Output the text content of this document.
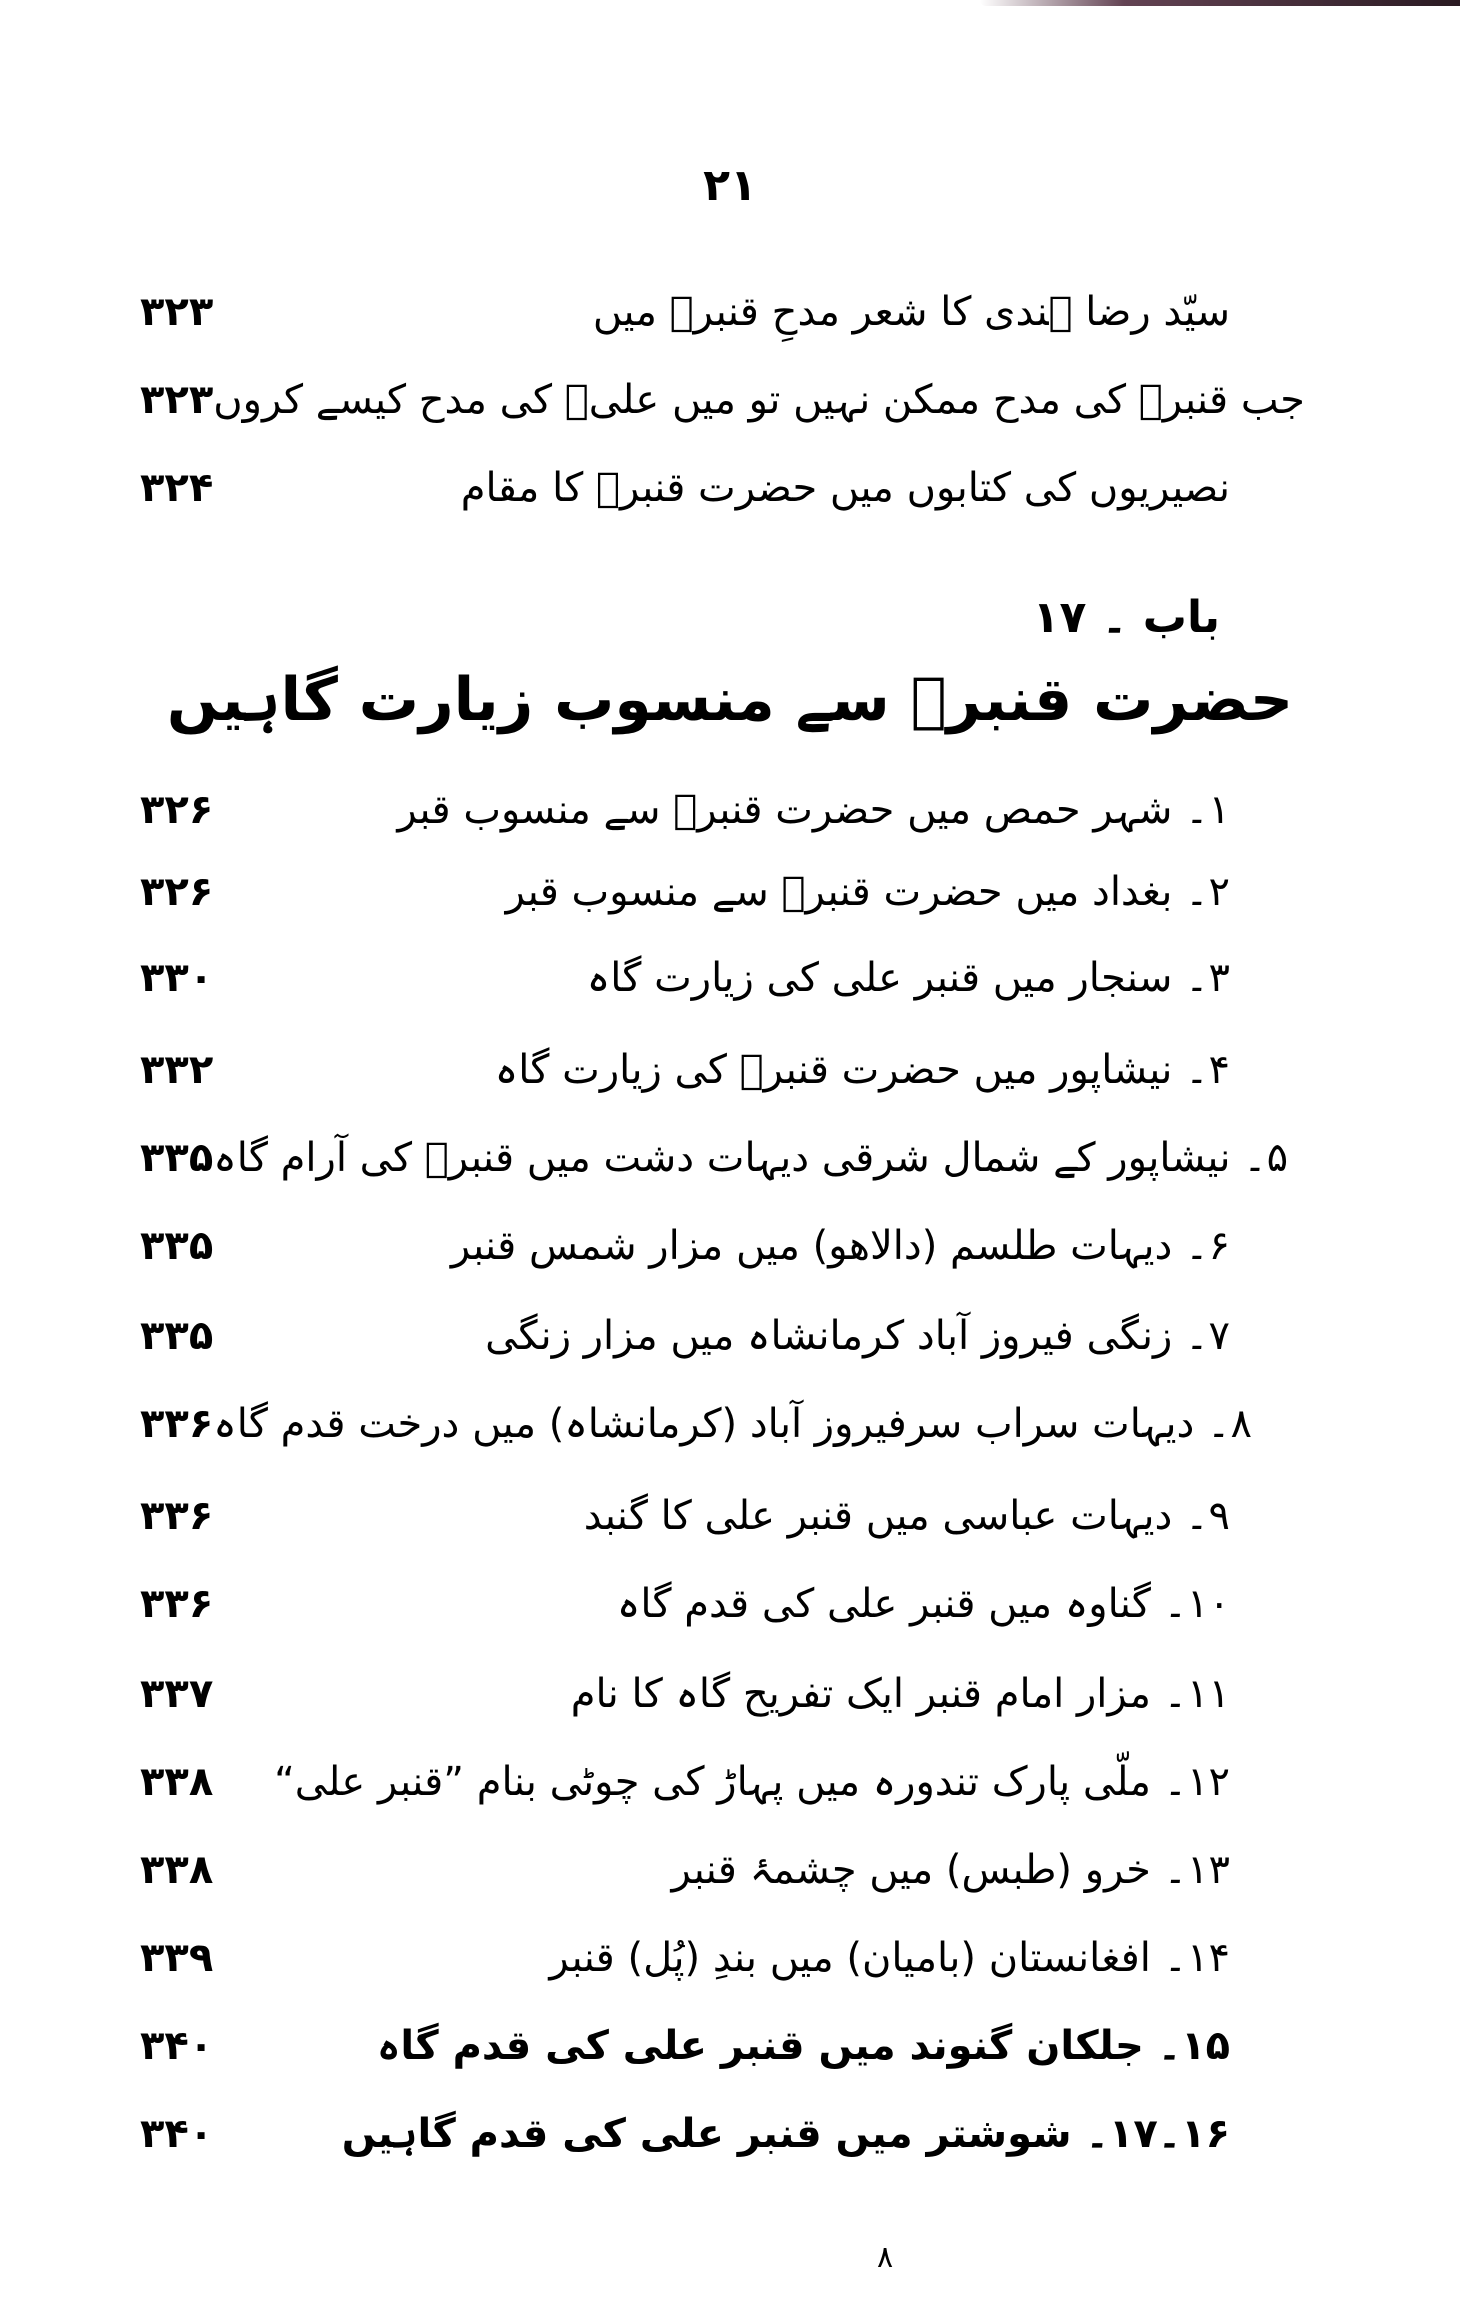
۲۱
۳۲۳	سیّد رضا ہندی کا شعر مدحِ قنبرؑ میں
۳۲۳ جب قنبرؑ کی مدح ممکن نہیں تو میں علیؑ کی مدح کیسے کروں
۳۲۴	نصیریوں کی کتابوں میں حضرت قنبرؑ کا مقام
باب ۔ ۱۷
حضرت قنبرؑ سے منسوب زیارت گاہیں
۳۲۶	۱۔ شہر حمص میں حضرت قنبرؑ سے منسوب قبر
۳۲۶	۲۔ بغداد میں حضرت قنبرؑ سے منسوب قبر
۳۳۰	۳۔ سنجار میں قنبر علی کی زیارت گاہ
۳۳۲	۴۔ نیشاپور میں حضرت قنبرؑ کی زیارت گاہ
۳۳۵ ۵۔ نیشاپور کے شمال شرقی دیہات دشت میں قنبرؑ کی آرام گاہ
۳۳۵	۶۔ دیہات طلسم (دالاھو) میں مزار شمس قنبر
۳۳۵	۷۔ زنگی فیروز آباد کرمانشاہ میں مزار زنگی
۳۳۶ ۸۔ دیہات سراب سرفیروز آباد (کرمانشاہ) میں درخت قدم گاہ
۳۳۶	۹۔ دیہات عباسی میں قنبر علی کا گنبد
۳۳۶	۱۰۔ گناوہ میں قنبر علی کی قدم گاہ
۳۳۷	۱۱۔ مزار امام قنبر ایک تفریح گاہ کا نام
۳۳۸	۱۲۔ ملّی پارک تندورہ میں پہاڑ کی چوٹی بنام ”قنبر علی“
۳۳۸	۱۳۔ خرو (طبس) میں چشمۂ قنبر
۳۳۹	۱۴۔ افغانستان (بامیان) میں بندِ (پُل) قنبر
۳۴۰	۱۵۔ جلکان گنوند میں قنبر علی کی قدم گاہ
۳۴۰	۱۶۔۱۷۔ شوشتر میں قنبر علی کی قدم گاہیں
٨
